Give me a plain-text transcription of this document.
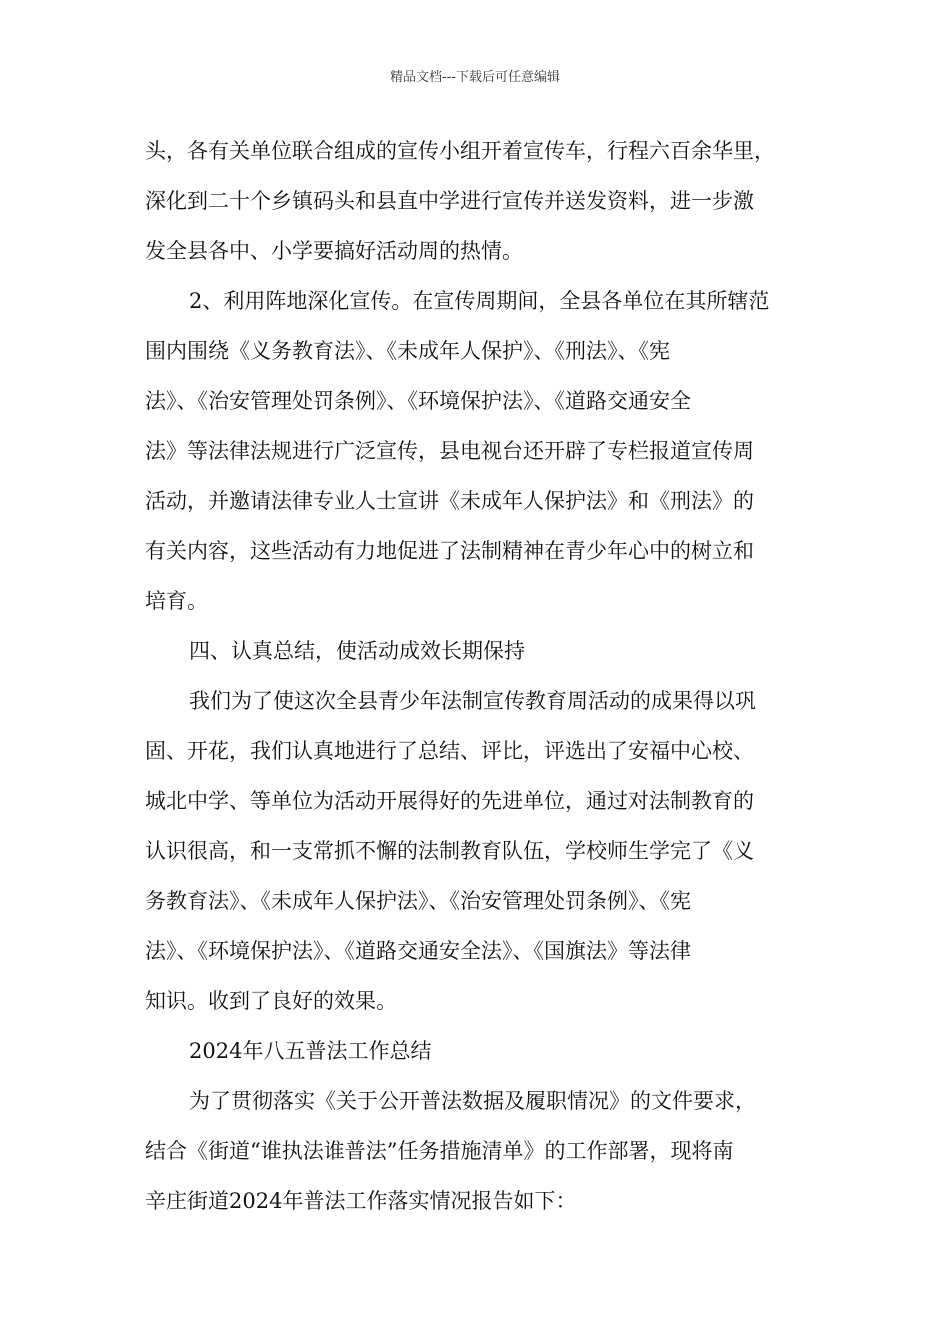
精品文档---下载后可任意编辑
头，各有关单位联合组成的宣传小组开着宣传车，行程六百余华里，
深化到二十个乡镇码头和县直中学进行宣传并送发资料，进一步激
发全县各中、小学要搞好活动周的热情。
2、利用阵地深化宣传。在宣传周期间，全县各单位在其所辖范
围内围绕《义务教育法》、《未成年人保护》、《刑法》、《宪
法》、《治安管理处罚条例》、《环境保护法》、《道路交通安全
法》等法律法规进行广泛宣传，县电视台还开辟了专栏报道宣传周
活动，并邀请法律专业人士宣讲《未成年人保护法》和《刑法》的
有关内容，这些活动有力地促进了法制精神在青少年心中的树立和
培育。
四、认真总结，使活动成效长期保持
我们为了使这次全县青少年法制宣传教育周活动的成果得以巩
固、开花，我们认真地进行了总结、评比，评选出了安福中心校、
城北中学、等单位为活动开展得好的先进单位，通过对法制教育的
认识很高，和一支常抓不懈的法制教育队伍，学校师生学完了《义
务教育法》、《未成年人保护法》、《治安管理处罚条例》、《宪
法》、《环境保护法》、《道路交通安全法》、《国旗法》等法律
知识。收到了良好的效果。
2024年八五普法工作总结
为了贯彻落实《关于公开普法数据及履职情况》的文件要求，
结合《街道“谁执法谁普法”任务措施清单》的工作部署，现将南
辛庄街道2024年普法工作落实情况报告如下：
